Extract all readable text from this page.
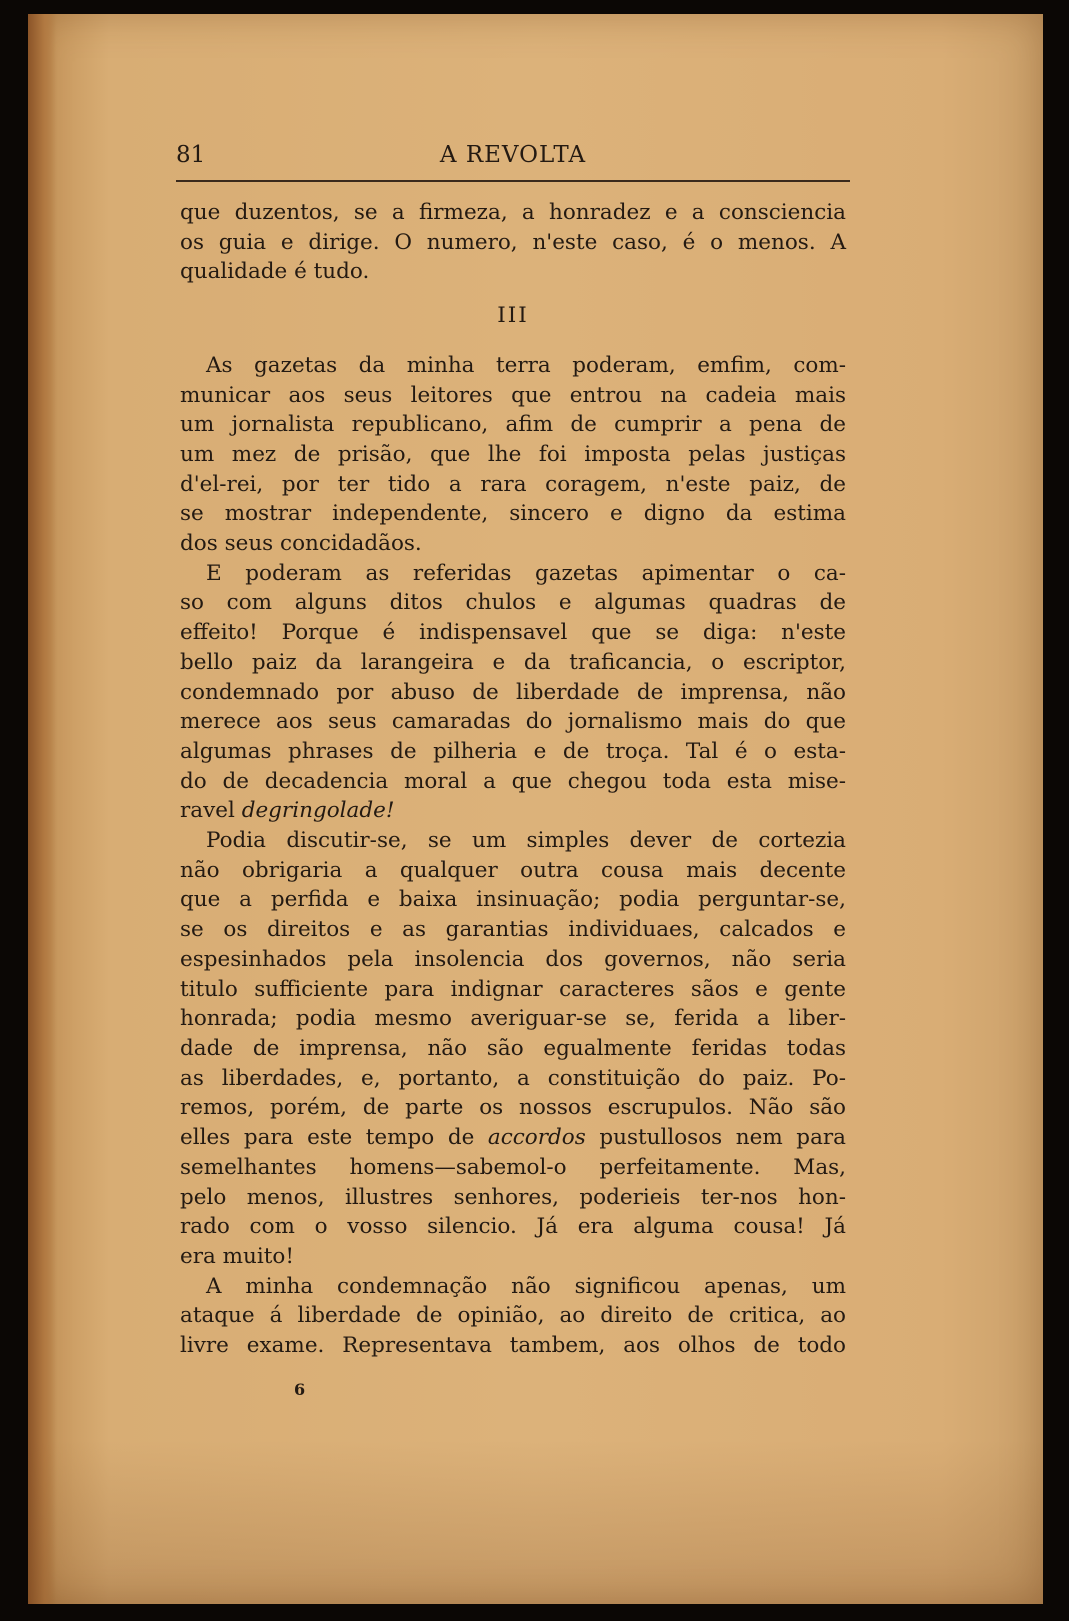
81	A REVOLTA
que duzentos, se a firmeza, a honradez e a consciencia
os guia e dirige. O numero, n'este caso, é o menos. A
qualidade é tudo.
III
As gazetas da minha terra poderam, emfim, com-
municar aos seus leitores que entrou na cadeia mais
um jornalista republicano, afim de cumprir a pena de
um mez de prisão, que lhe foi imposta pelas justiças
d'el-rei, por ter tido a rara coragem, n'este paiz, de
se mostrar independente, sincero e digno da estima
dos seus concidadãos.
E poderam as referidas gazetas apimentar o ca-
so com alguns ditos chulos e algumas quadras de
effeito! Porque é indispensavel que se diga: n'este
bello paiz da larangeira e da traficancia, o escriptor,
condemnado por abuso de liberdade de imprensa, não
merece aos seus camaradas do jornalismo mais do que
algumas phrases de pilheria e de troça. Tal é o esta-
do de decadencia moral a que chegou toda esta mise-
ravel degringolade!
Podia discutir-se, se um simples dever de cortezia
não obrigaria a qualquer outra cousa mais decente
que a perfida e baixa insinuação; podia perguntar-se,
se os direitos e as garantias individuaes, calcados e
espesinhados pela insolencia dos governos, não seria
titulo sufficiente para indignar caracteres sãos e gente
honrada; podia mesmo averiguar-se se, ferida a liber-
dade de imprensa, não são egualmente feridas todas
as liberdades, e, portanto, a constituição do paiz. Po-
remos, porém, de parte os nossos escrupulos. Não são
elles para este tempo de accordos pustullosos nem para
semelhantes homens—sabemol-o perfeitamente. Mas,
pelo menos, illustres senhores, poderieis ter-nos hon-
rado com o vosso silencio. Já era alguma cousa! Já
era muito!
A minha condemnação não significou apenas, um
ataque á liberdade de opinião, ao direito de critica, ao
livre exame. Representava tambem, aos olhos de todo
6
